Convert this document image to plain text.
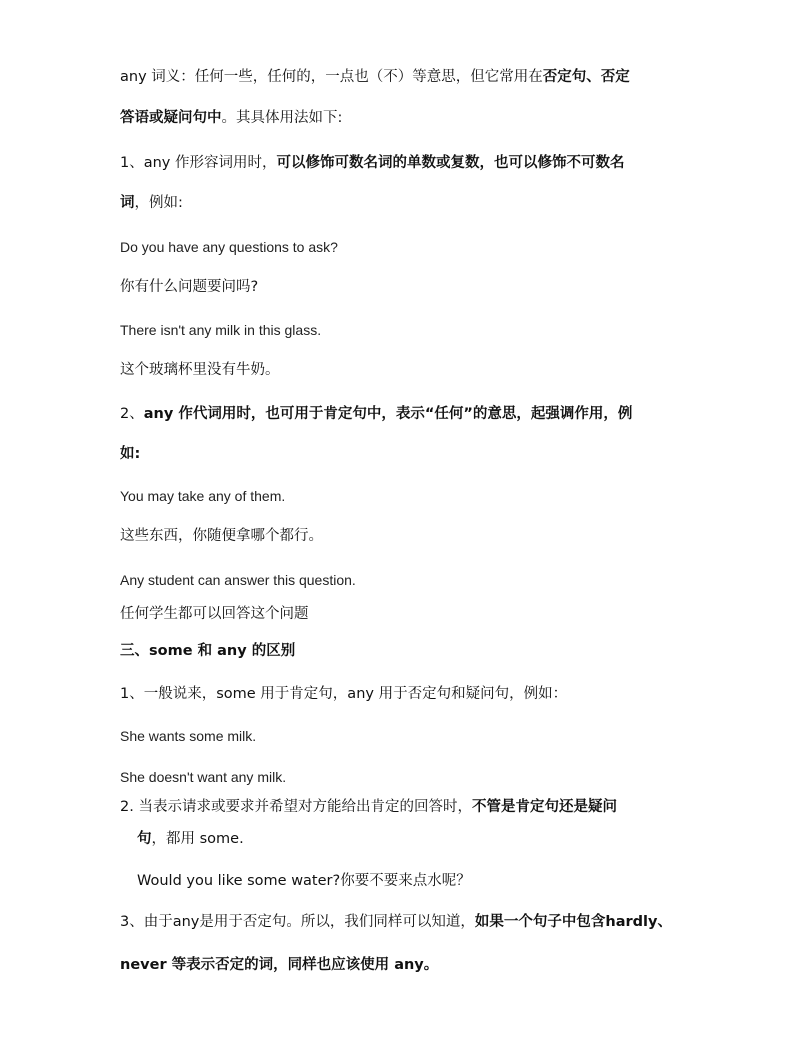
any 词义：任何一些，任何的，一点也（不）等意思，但它常用在否定句、否定
答语或疑问句中。其具体用法如下:
1、any 作形容词用时，可以修饰可数名词的单数或复数，也可以修饰不可数名
词，例如:
Do you have any questions to ask?
你有什么问题要问吗?
There isn't any milk in this glass.
这个玻璃杯里没有牛奶。
2、any 作代词用时，也可用于肯定句中，表示“任何”的意思，起强调作用，例
如:
You may take any of them.
这些东西，你随便拿哪个都行。
Any student can answer this question.
任何学生都可以回答这个问题
三、some 和 any 的区别
1、一般说来，some 用于肯定句，any 用于否定句和疑问句，例如：
She wants some milk.
She doesn't want any milk.
2. 当表示请求或要求并希望对方能给出肯定的回答时，不管是肯定句还是疑问
句，都用 some.
Would you like some water?你要不要来点水呢？
3、由于any是用于否定句。所以，我们同样可以知道，如果一个句子中包含hardly、
never 等表示否定的词，同样也应该使用 any。
